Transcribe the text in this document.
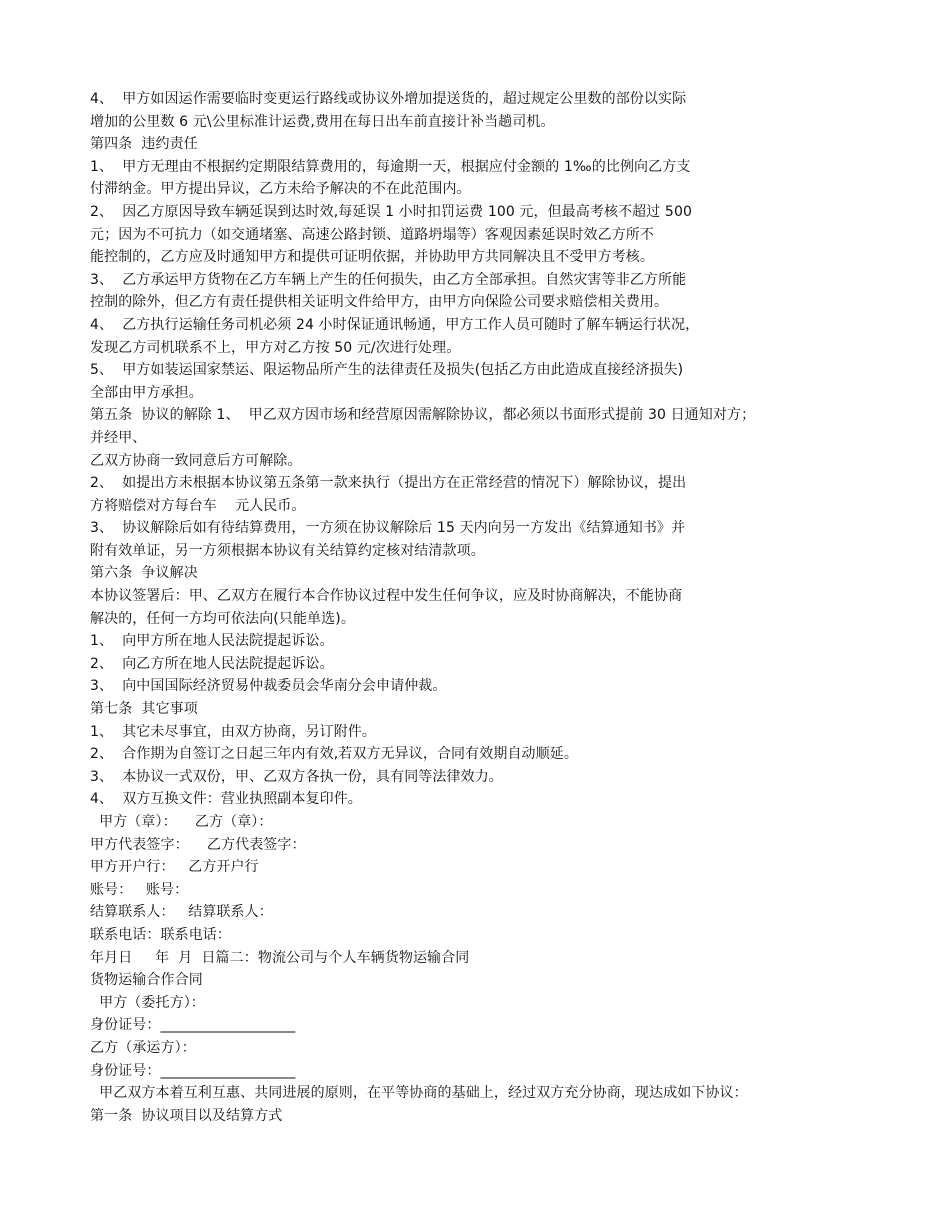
4、  甲方如因运作需要临时变更运行路线或协议外增加提送货的，超过规定公里数的部份以实际
增加的公里数 6 元\公里标准计运费,费用在每日出车前直接计补当趟司机。
第四条  违约责任
1、  甲方无理由不根据约定期限结算费用的，每逾期一天，根据应付金额的 1‰的比例向乙方支
付滞纳金。甲方提出异议，乙方未给予解决的不在此范围内。
2、  因乙方原因导致车辆延误到达时效,每延误 1 小时扣罚运费 100 元，但最高考核不超过 500
元；因为不可抗力（如交通堵塞、高速公路封锁、道路坍塌等）客观因素延误时效乙方所不
能控制的，乙方应及时通知甲方和提供可证明依据，并协助甲方共同解决且不受甲方考核。
3、  乙方承运甲方货物在乙方车辆上产生的任何损失，由乙方全部承担。自然灾害等非乙方所能
控制的除外，但乙方有责任提供相关证明文件给甲方，由甲方向保险公司要求赔偿相关费用。
4、  乙方执行运输任务司机必须 24 小时保证通讯畅通，甲方工作人员可随时了解车辆运行状况，
发现乙方司机联系不上，甲方对乙方按 50 元/次进行处理。
5、  甲方如装运国家禁运、限运物品所产生的法律责任及损失(包括乙方由此造成直接经济损失)
全部由甲方承担。
第五条  协议的解除 1、  甲乙双方因市场和经营原因需解除协议，都必须以书面形式提前 30 日通知对方；
并经甲、
乙双方协商一致同意后方可解除。
2、  如提出方未根据本协议第五条第一款来执行（提出方在正常经营的情况下）解除协议，提出
方将赔偿对方每台车    元人民币。
3、  协议解除后如有待结算费用，一方须在协议解除后 15 天内向另一方发出《结算通知书》并
附有效单证，另一方须根据本协议有关结算约定核对结清款项。
第六条  争议解决
本协议签署后：甲、乙双方在履行本合作协议过程中发生任何争议，应及时协商解决，不能协商
解决的，任何一方均可依法向(只能单选)。
1、  向甲方所在地人民法院提起诉讼。
2、  向乙方所在地人民法院提起诉讼。
3、  向中国国际经济贸易仲裁委员会华南分会申请仲裁。
第七条  其它事项
1、  其它未尽事宜，由双方协商，另订附件。
2、  合作期为自签订之日起三年内有效,若双方无异议，合同有效期自动顺延。
3、  本协议一式双份，甲、乙双方各执一份，具有同等法律效力。
4、  双方互换文件：营业执照副本复印件。
甲方（章）：    乙方（章）：
甲方代表签字：    乙方代表签字：
甲方开户行：   乙方开户行
账号：   账号：
结算联系人：   结算联系人：
联系电话：联系电话：
年月日     年  月  日篇二：物流公司与个人车辆货物运输合同
货物运输合作合同
甲方（委托方）：
身份证号：___________________
乙方（承运方）：
身份证号：___________________
甲乙双方本着互利互惠、共同进展的原则，在平等协商的基础上，经过双方充分协商，现达成如下协议：
第一条  协议项目以及结算方式
